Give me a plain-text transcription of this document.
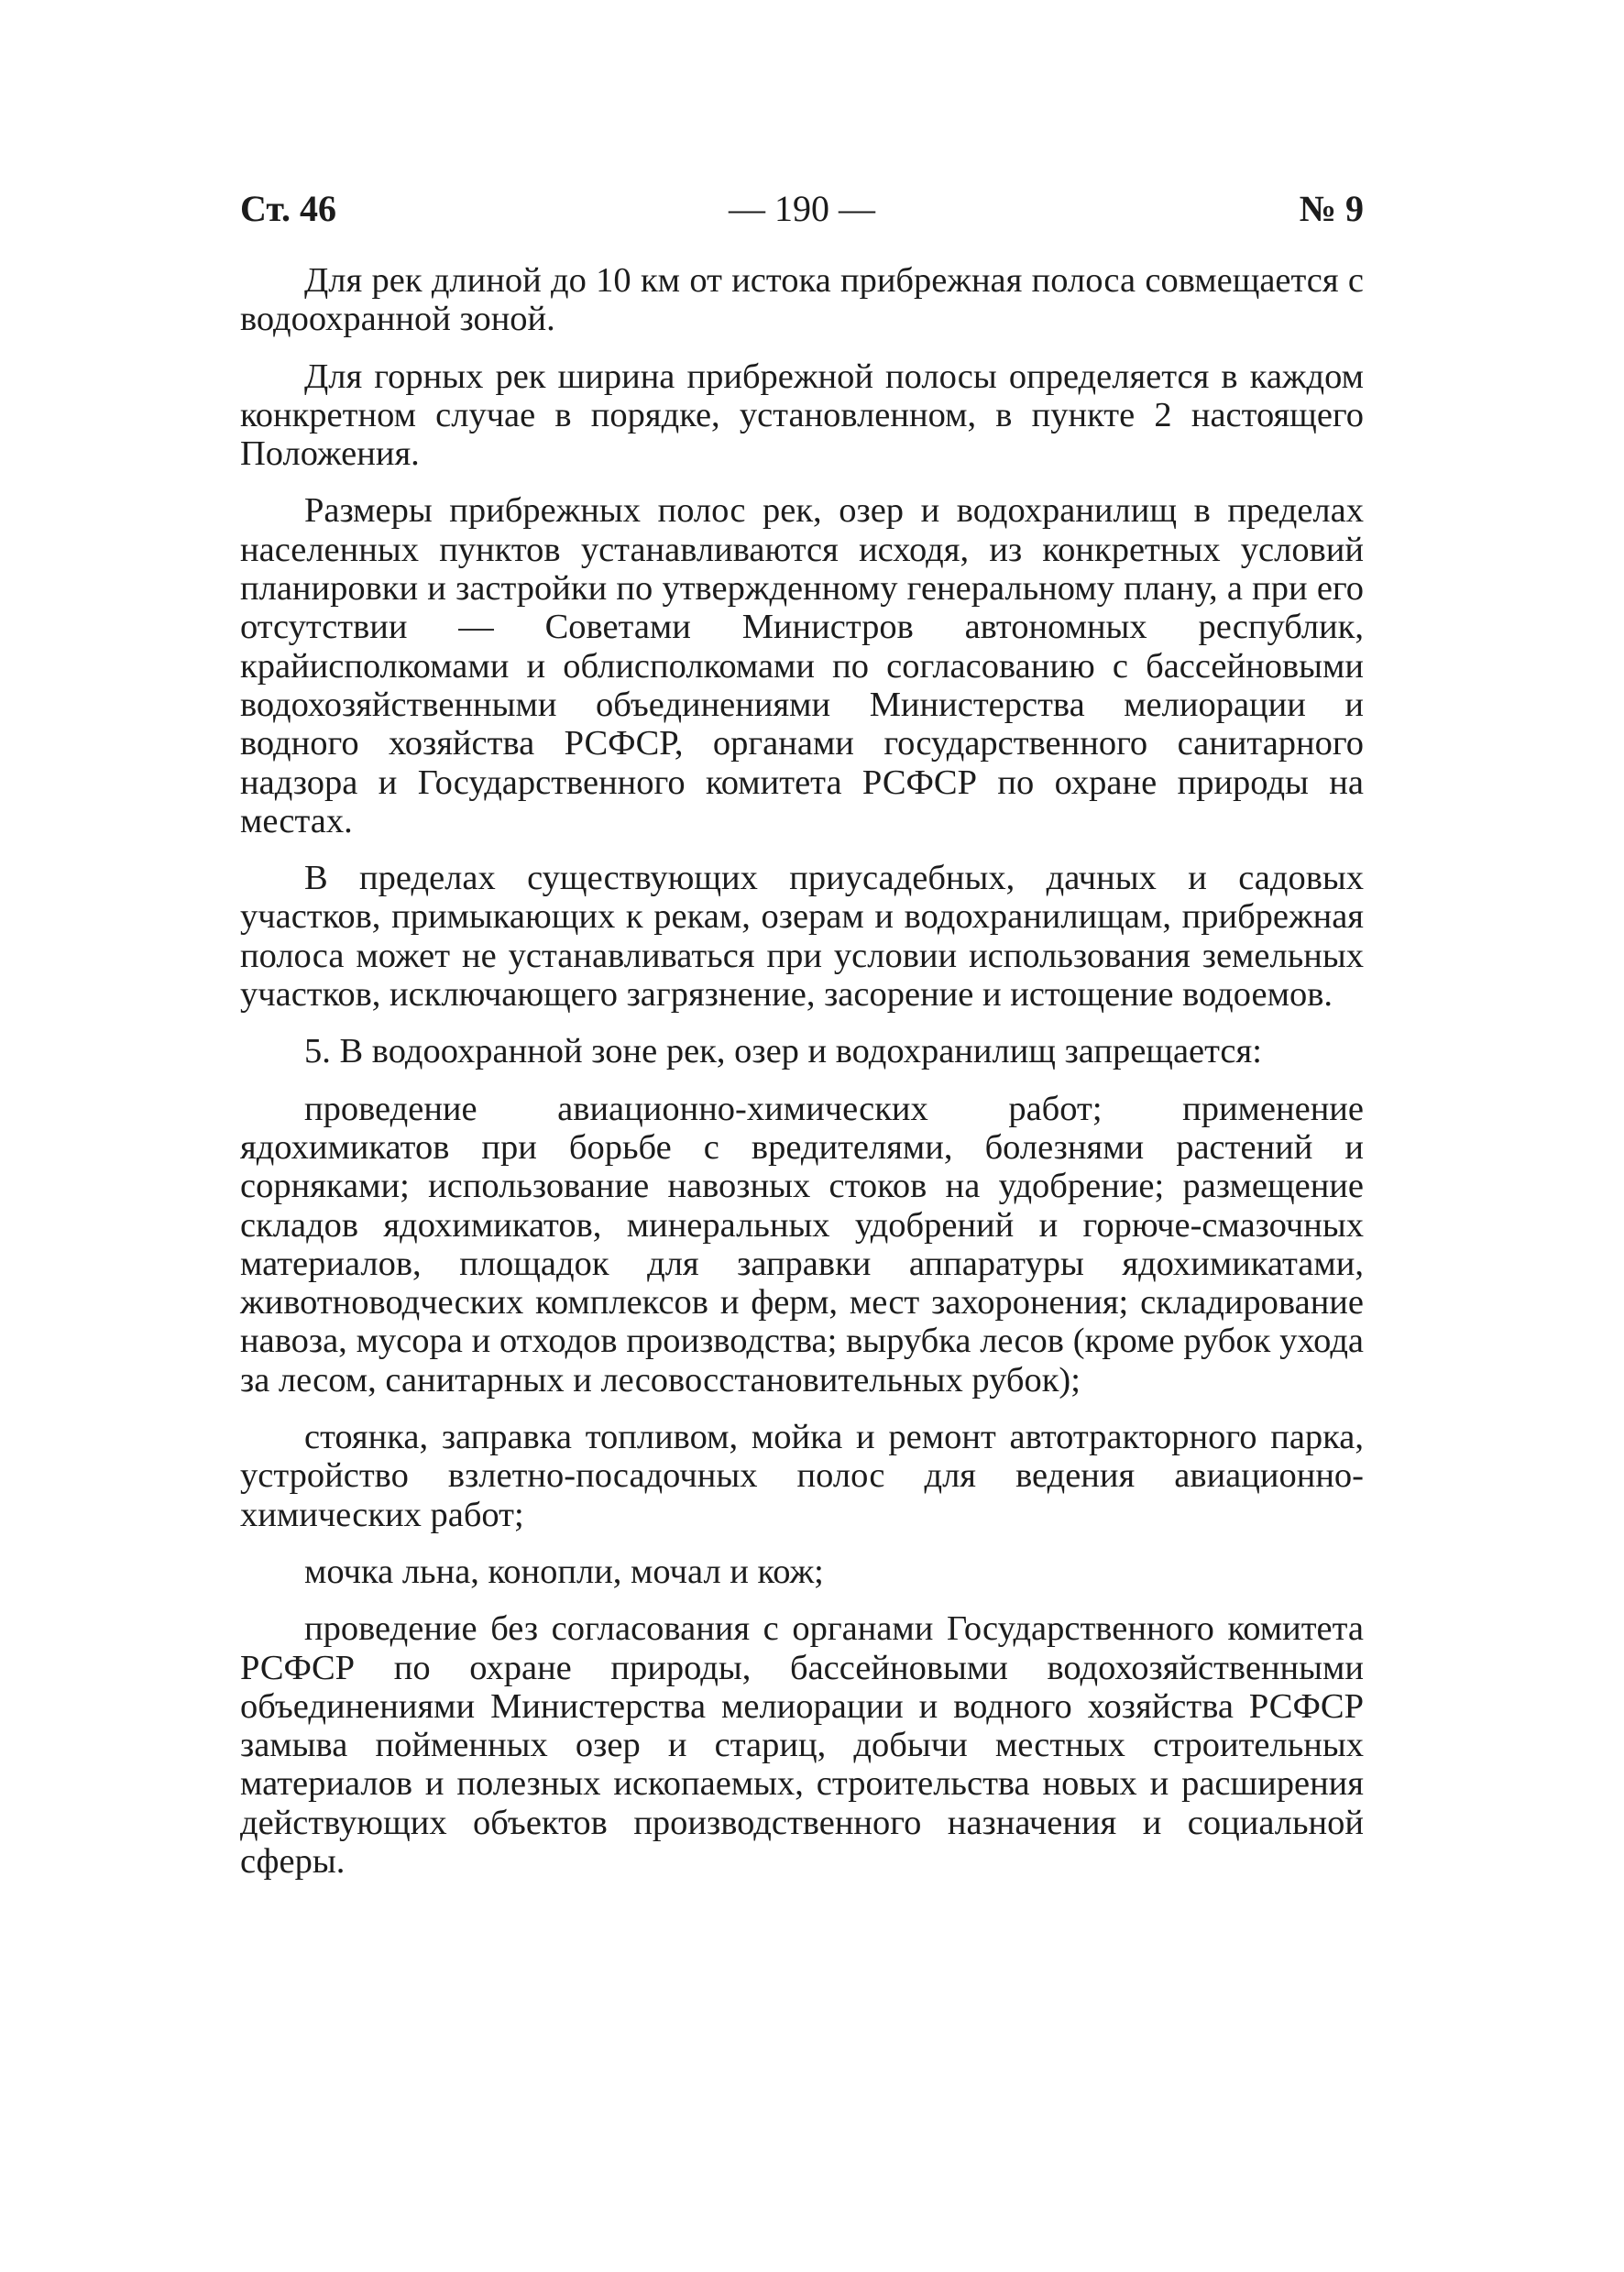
— 190 —
Ст. 46	№ 9

Для рек длиной до 10 км от истока прибрежная полоса совмещается с водоохранной зоной.

Для горных рек ширина прибрежной полосы определяется в каждом конкретном случае в порядке, установленном, в пункте 2 настоящего Положения.

Размеры прибрежных полос рек, озер и водохранилищ в пределах населенных пунктов устанавливаются исходя, из конкретных условий планировки и застройки по утвержденному генеральному плану, а при его отсутствии — Советами Министров автономных республик, крайисполкомами и облисполкомами по согласованию с бассейновыми водохозяйственными объединениями Министерства мелиорации и водного хозяйства РСФСР, органами государственного санитарного надзора и Государственного комитета РСФСР по охране природы на местах.

В пределах существующих приусадебных, дачных и садовых участков, примыкающих к рекам, озерам и водохранилищам, прибрежная полоса может не устанавливаться при условии использования земельных участков, исключающего загрязнение, засорение и истощение водоемов.

5. В водоохранной зоне рек, озер и водохранилищ запрещается:

проведение авиационно-химических работ; применение ядохимикатов при борьбе с вредителями, болезнями растений и сорняками; использование навозных стоков на удобрение; размещение складов ядохимикатов, минеральных удобрений и горюче-смазочных материалов, площадок для заправки аппаратуры ядохимикатами, животноводческих комплексов и ферм, мест захоронения; складирование навоза, мусора и отходов производства; вырубка лесов (кроме рубок ухода за лесом, санитарных и лесовосстановительных рубок);

стоянка, заправка топливом, мойка и ремонт автотракторного парка, устройство взлетно-посадочных полос для ведения авиационно-химических работ;

мочка льна, конопли, мочал и кож;

проведение без согласования с органами Государственного комитета РСФСР по охране природы, бассейновыми водохозяйственными объединениями Министерства мелиорации и водного хозяйства РСФСР замыва пойменных озер и стариц, добычи местных строительных материалов и полезных ископаемых, строительства новых и расширения действующих объектов производственного назначения и социальной сферы.
